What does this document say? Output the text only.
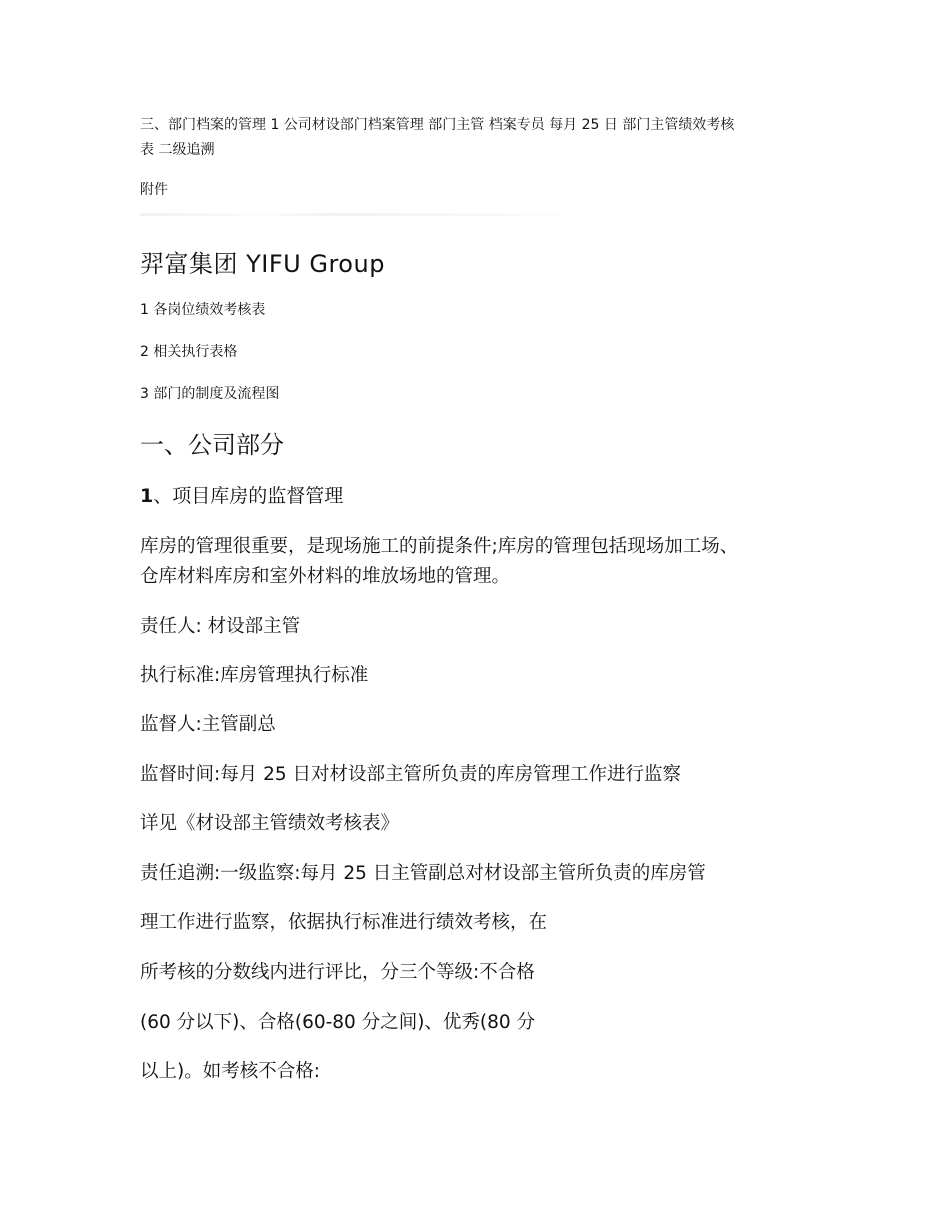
三、部门档案的管理 1 公司材设部门档案管理 部门主管 档案专员 每月 25 日 部门主管绩效考核
表 二级追溯
附件
羿富集团 YIFU Group
1 各岗位绩效考核表
2 相关执行表格
3 部门的制度及流程图
一、公司部分
1、项目库房的监督管理
库房的管理很重要，是现场施工的前提条件;库房的管理包括现场加工场、
仓库材料库房和室外材料的堆放场地的管理。
责任人: 材设部主管
执行标准:库房管理执行标准
监督人:主管副总
监督时间:每月 25 日对材设部主管所负责的库房管理工作进行监察
详见《材设部主管绩效考核表》
责任追溯:一级监察:每月 25 日主管副总对材设部主管所负责的库房管
理工作进行监察，依据执行标准进行绩效考核，在
所考核的分数线内进行评比，分三个等级:不合格
(60 分以下)、合格(60-80 分之间)、优秀(80 分
以上)。如考核不合格:
